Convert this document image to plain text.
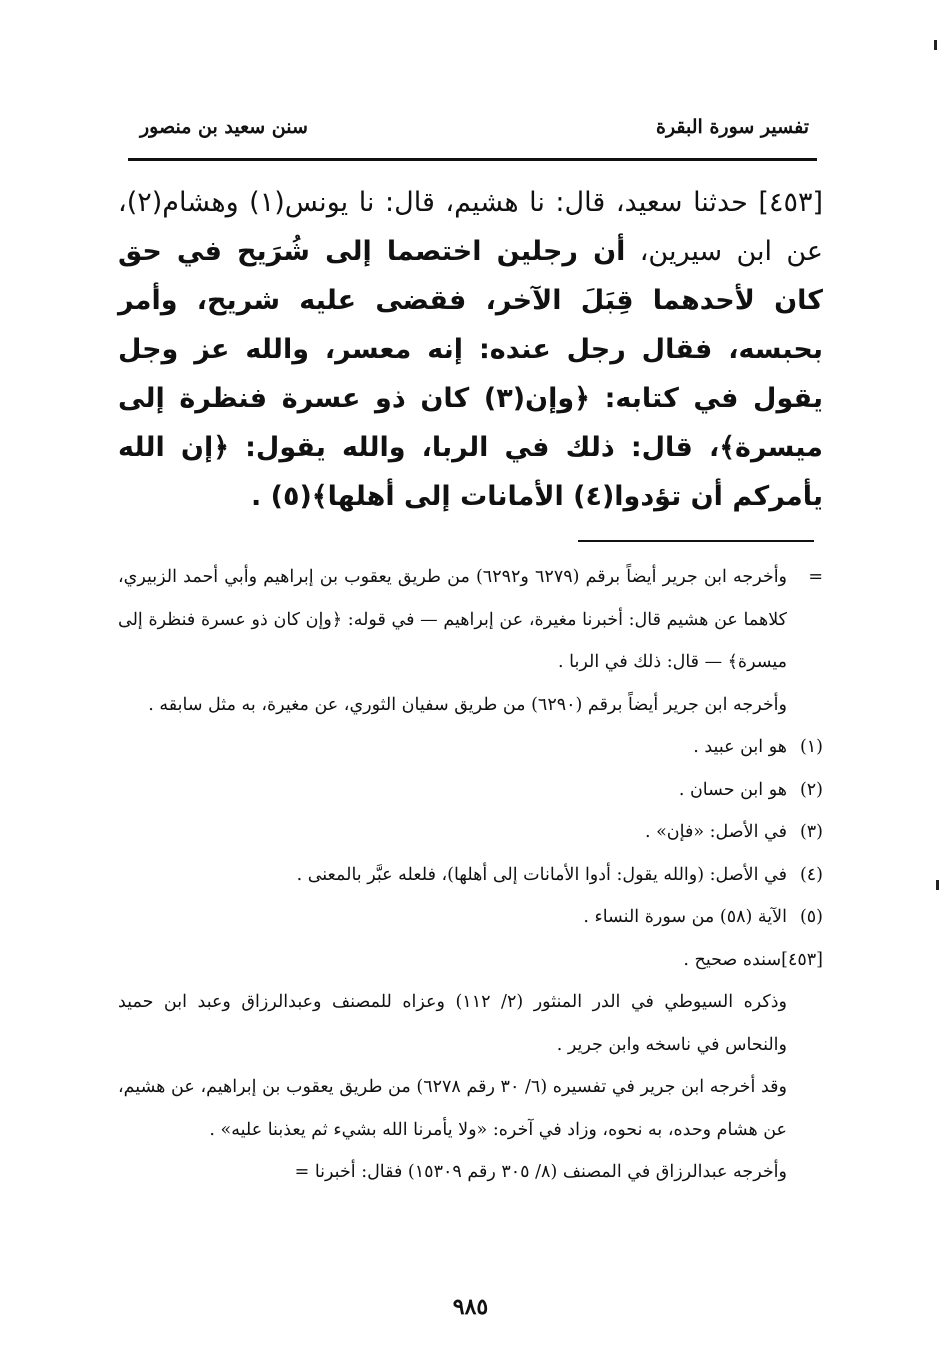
تفسير سورة البقرة
سنن سعيد بن منصور

[٤٥٣] حدثنا سعيد، قال: نا هشيم، قال: نا يونس(١) وهشام(٢)، عن ابن سيرين، أن رجلين اختصما إلى شُرَيح في حق كان لأحدهما قِبَلَ الآخر، فقضى عليه شريح، وأمر بحبسه، فقال رجل عنده: إنه معسر، والله عز وجل يقول في كتابه: ﴿وإن(٣) كان ذو عسرة فنظرة إلى ميسرة﴾، قال: ذلك في الربا، والله يقول: ﴿إن الله يأمركم أن تؤدوا(٤) الأمانات إلى أهلها﴾(٥) .

=
وأخرجه ابن جرير أيضاً برقم (٦٢٧٩ و٦٢٩٢) من طريق يعقوب بن إبراهيم وأبي أحمد الزبيري، كلاهما عن هشيم قال: أخبرنا مغيرة، عن إبراهيم — في قوله: ﴿وإن كان ذو عسرة فنظرة إلى ميسرة﴾ — قال: ذلك في الربا .
وأخرجه ابن جرير أيضاً برقم (٦٢٩٠) من طريق سفيان الثوري، عن مغيرة، به مثل سابقه .
(١)
هو ابن عبيد .
(٢)
هو ابن حسان .
(٣)
في الأصل: «فإن» .
(٤)
في الأصل: (والله يقول: أدوا الأمانات إلى أهلها)، فلعله عبَّر بالمعنى .
(٥)
الآية (٥٨) من سورة النساء .
[٤٥٣]سنده صحيح .
وذكره السيوطي في الدر المنثور (٢/ ١١٢) وعزاه للمصنف وعبدالرزاق وعبد ابن حميد والنحاس في ناسخه وابن جرير .
وقد أخرجه ابن جرير في تفسيره (٦/ ٣٠ رقم ٦٢٧٨) من طريق يعقوب بن إبراهيم، عن هشيم، عن هشام وحده، به نحوه، وزاد في آخره: «ولا يأمرنا الله بشيء ثم يعذبنا عليه» .
وأخرجه عبدالرزاق في المصنف (٨/ ٣٠٥ رقم ١٥٣٠٩) فقال: أخبرنا =
٩٨٥
